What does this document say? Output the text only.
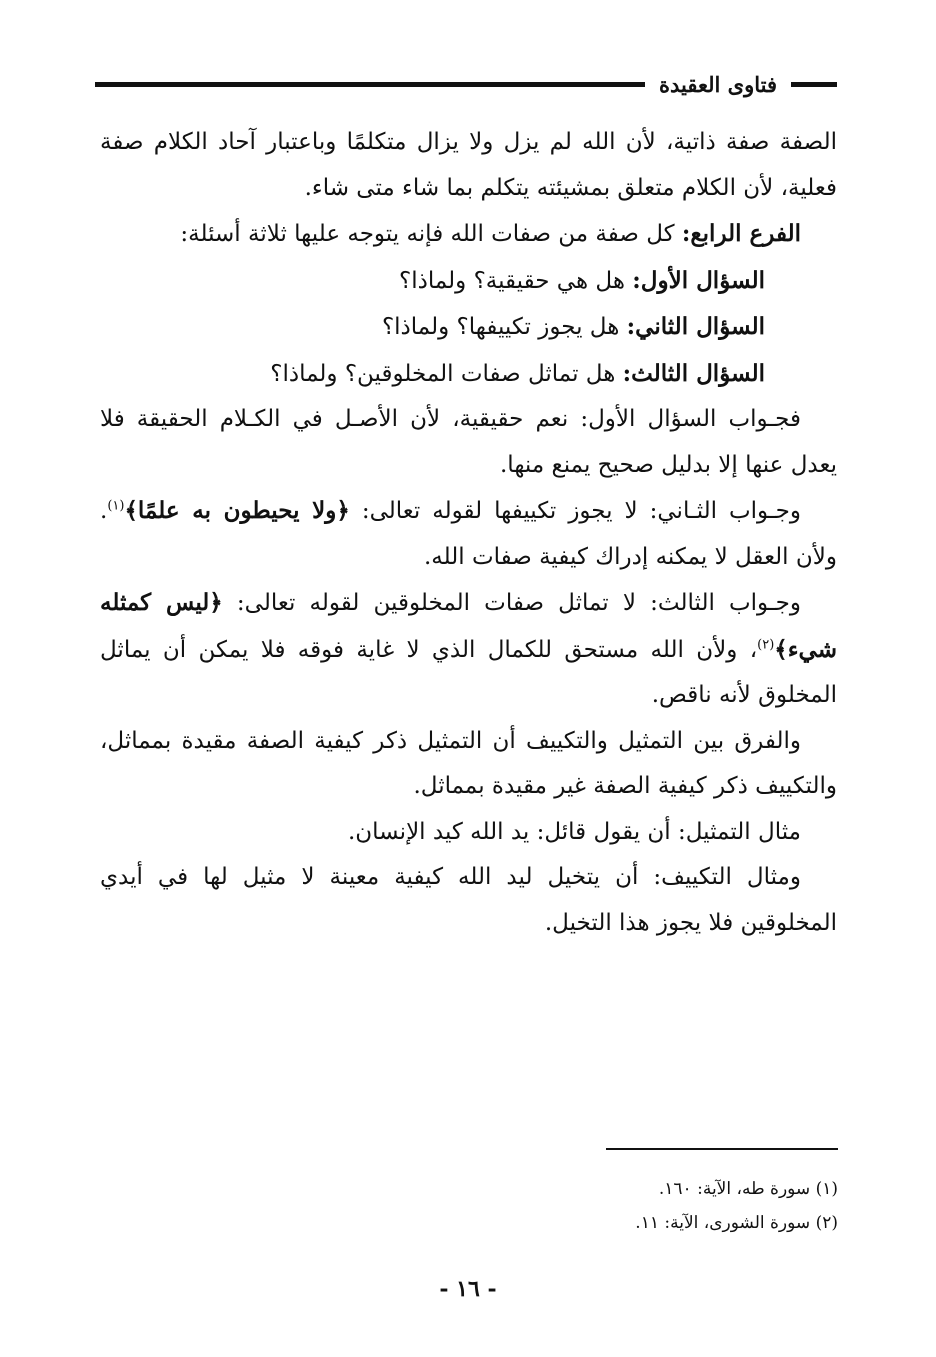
فتاوى العقيدة

الصفة صفة ذاتية، لأن الله لم يزل ولا يزال متكلمًا وباعتبار آحاد الكلام صفة فعلية، لأن الكلام متعلق بمشيئته يتكلم بما شاء متى شاء.

الفرع الرابع: كل صفة من صفات الله فإنه يتوجه عليها ثلاثة أسئلة:

السؤال الأول: هل هي حقيقية؟ ولماذا؟

السؤال الثاني: هل يجوز تكييفها؟ ولماذا؟

السؤال الثالث: هل تماثل صفات المخلوقين؟ ولماذا؟

فجـواب السؤال الأول: نعم حقيقية، لأن الأصـل في الكـلام الحقيقة فلا يعدل عنها إلا بدليل صحيح يمنع منها.

وجـواب الثـاني: لا يجوز تكييفها لقوله تعالى: ﴿ولا يحيطون به علمًا﴾$^{(١)}$. ولأن العقل لا يمكنه إدراك كيفية صفات الله.

وجـواب الثالث: لا تماثل صفات المخلوقين لقوله تعالى: ﴿ليس كمثله شيء﴾$^{(٢)}$، ولأن الله مستحق للكمال الذي لا غاية فوقه فلا يمكن أن يماثل المخلوق لأنه ناقص.

والفرق بين التمثيل والتكييف أن التمثيل ذكر كيفية الصفة مقيدة بمماثل، والتكييف ذكر كيفية الصفة غير مقيدة بمماثل.

مثال التمثيل: أن يقول قائل: يد الله كيد الإنسان.

ومثال التكييف: أن يتخيل ليد الله كيفية معينة لا مثيل لها في أيدي المخلوقين فلا يجوز هذا التخيل.

(١) سورة طه، الآية: ١٦٠.
(٢) سورة الشورى، الآية: ١١.
- ١٦ -
